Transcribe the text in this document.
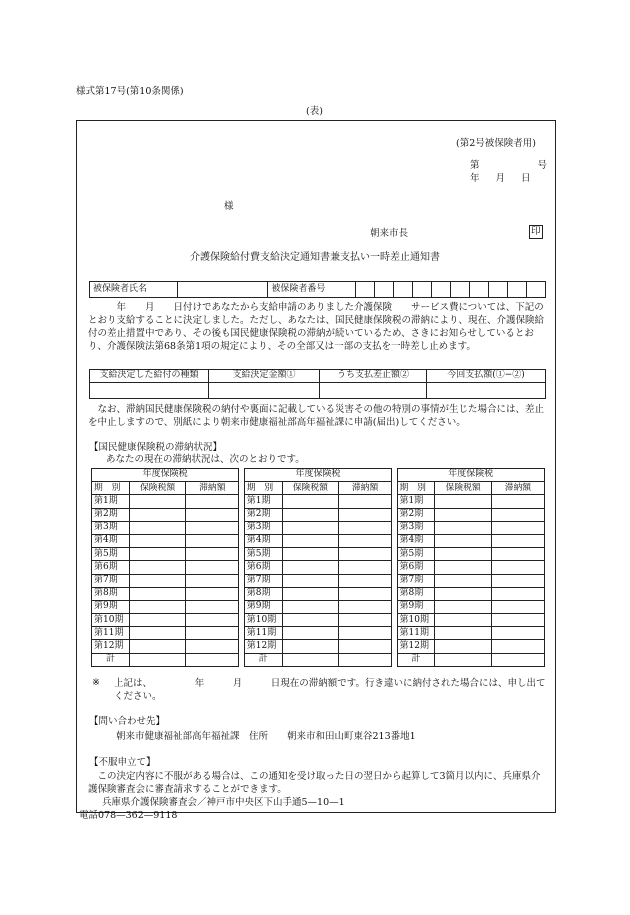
様式第17号(第10条関係)
(表)
(第2号被保険者用)
第	号
年 月 日
様
朝来市長	印
介護保険給付費支給決定通知書兼支払い一時差止通知書
被保険者氏名		被保険者番号										
　　　年　　月　　日付けであなたから支給申請のありました介護保険　　サービス費については、下記のとおり支給することに決定しました。ただし、あなたは、国民健康保険税の滞納により、現在、介護保険給付の差止措置中であり、その後も国民健康保険税の滞納が続いているため、さきにお知らせしているとおり、介護保険法第68条第1項の規定により、その全部又は一部の支払を一時差し止めます。
支給決定した給付の種類	支給決定金額①	うち支払差止額②	今回支払額(①−②)

　なお、滞納国民健康保険税の納付や裏面に記載している災害その他の特別の事情が生じた場合には、差止を中止しますので、別紙により朝来市健康福祉部高年福祉課に申請(届出)してください。
【国民健康保険税の滞納状況】
あなたの現在の滞納状況は、次のとおりです。
年度保険税				年度保険税				年度保険税		
期　別	保険税額	滞納額		期　別	保険税額	滞納額		期　別	保険税額	滞納額
第1期				第1期				第1期		
第2期				第2期				第2期		
第3期				第3期				第3期		
第4期				第4期				第4期		
第5期				第5期				第5期		
第6期				第6期				第6期		
第7期				第7期				第7期		
第8期				第8期				第8期		
第9期				第9期				第9期		
第10期				第10期				第10期		
第11期				第11期				第11期		
第12期				第12期				第12期		
計				計				計		
※ 上記は、　　　　　年　　　月　　　日現在の滞納額です。行き違いに納付された場合には、申し出てください。
【問い合わせ先】
朝来市健康福祉部高年福祉課　住所　　朝来市和田山町東谷213番地1
【不服申立て】
　この決定内容に不服がある場合は、この通知を受け取った日の翌日から起算して3箇月以内に、兵庫県介護保険審査会に審査請求することができます。
兵庫県介護保険審査会／神戸市中央区下山手通5—10—1
電話078—362—9118
